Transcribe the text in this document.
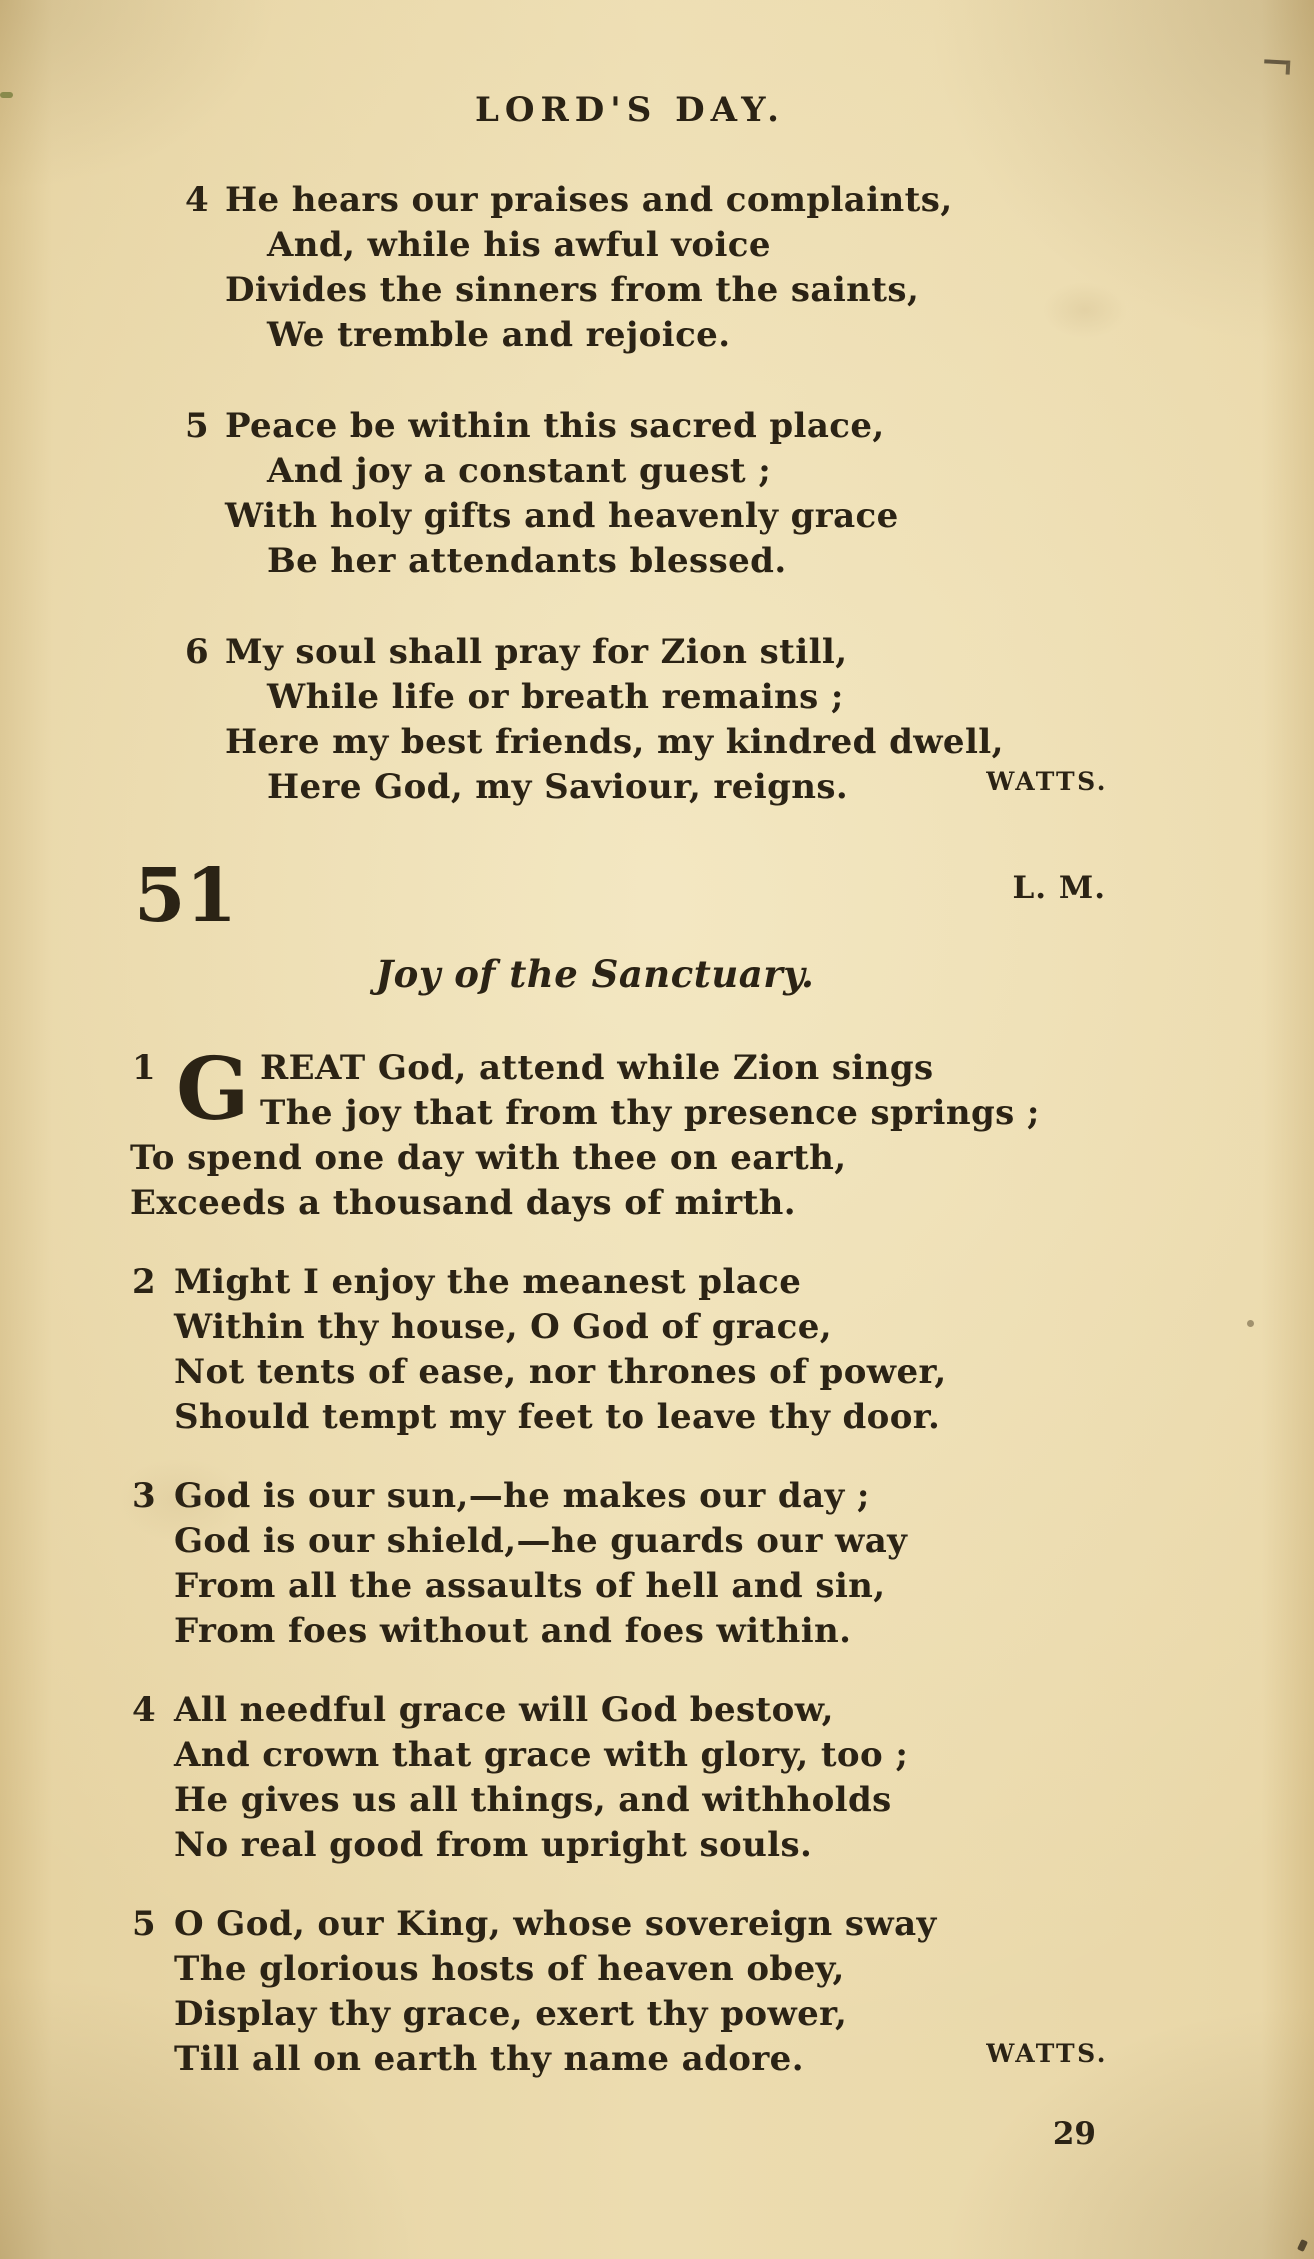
LORD'S DAY.
4 He hears our praises and complaints,
And, while his awful voice
Divides the sinners from the saints,
We tremble and rejoice.
5 Peace be within this sacred place,
And joy a constant guest ;
With holy gifts and heavenly grace
Be her attendants blessed.
6 My soul shall pray for Zion still,
While life or breath remains ;
Here my best friends, my kindred dwell,
Here God, my Saviour, reigns.	WATTS.
51	L. M.
Joy of the Sanctuary.
1 G REAT God, attend while Zion sings
The joy that from thy presence springs ;
To spend one day with thee on earth,
Exceeds a thousand days of mirth.
2 Might I enjoy the meanest place
Within thy house, O God of grace,
Not tents of ease, nor thrones of power,
Should tempt my feet to leave thy door.
3 God is our sun,—he makes our day ;
God is our shield,—he guards our way
From all the assaults of hell and sin,
From foes without and foes within.
4 All needful grace will God bestow,
And crown that grace with glory, too ;
He gives us all things, and withholds
No real good from upright souls.
5 O God, our King, whose sovereign sway
The glorious hosts of heaven obey,
Display thy grace, exert thy power,
Till all on earth thy name adore.	WATTS.
29
